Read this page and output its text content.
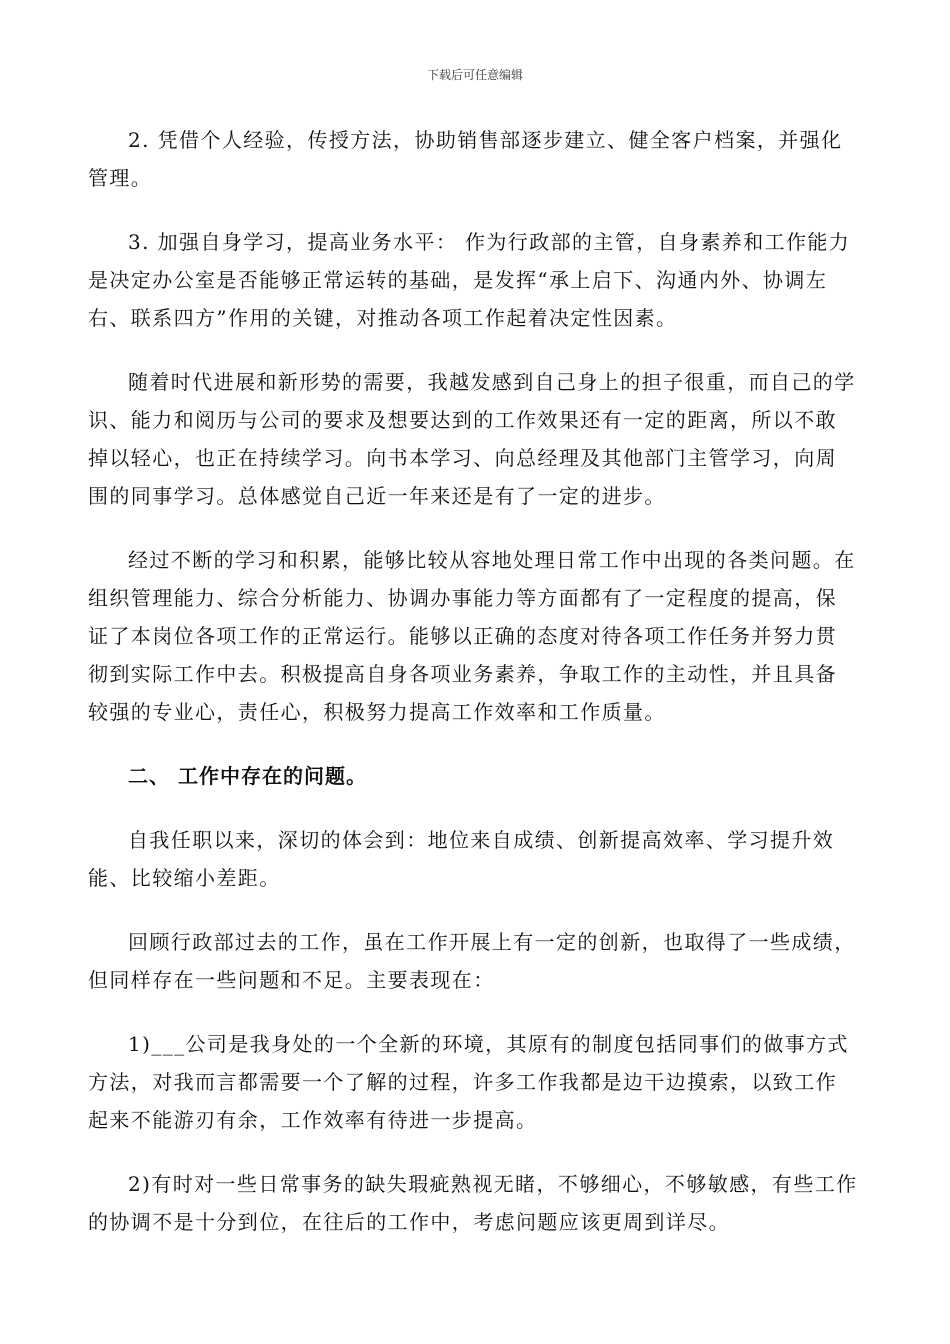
下载后可任意编辑

2. 凭借个人经验，传授方法，协助销售部逐步建立、健全客户档案，并强化管理。

3. 加强自身学习，提高业务水平： 作为行政部的主管，自身素养和工作能力是决定办公室是否能够正常运转的基础，是发挥“承上启下、沟通内外、协调左右、联系四方”作用的关键，对推动各项工作起着决定性因素。

随着时代进展和新形势的需要，我越发感到自己身上的担子很重，而自己的学识、能力和阅历与公司的要求及想要达到的工作效果还有一定的距离，所以不敢掉以轻心，也正在持续学习。向书本学习、向总经理及其他部门主管学习，向周围的同事学习。总体感觉自己近一年来还是有了一定的进步。

经过不断的学习和积累，能够比较从容地处理日常工作中出现的各类问题。在组织管理能力、综合分析能力、协调办事能力等方面都有了一定程度的提高，保证了本岗位各项工作的正常运行。能够以正确的态度对待各项工作任务并努力贯彻到实际工作中去。积极提高自身各项业务素养，争取工作的主动性，并且具备较强的专业心，责任心，积极努力提高工作效率和工作质量。

二、 工作中存在的问题。

自我任职以来，深切的体会到：地位来自成绩、创新提高效率、学习提升效能、比较缩小差距。

回顾行政部过去的工作，虽在工作开展上有一定的创新，也取得了一些成绩，但同样存在一些问题和不足。主要表现在：

1)___公司是我身处的一个全新的环境，其原有的制度包括同事们的做事方式方法，对我而言都需要一个了解的过程，许多工作我都是边干边摸索，以致工作起来不能游刃有余，工作效率有待进一步提高。

2)有时对一些日常事务的缺失瑕疵熟视无睹，不够细心，不够敏感，有些工作的协调不是十分到位，在往后的工作中，考虑问题应该更周到详尽。
